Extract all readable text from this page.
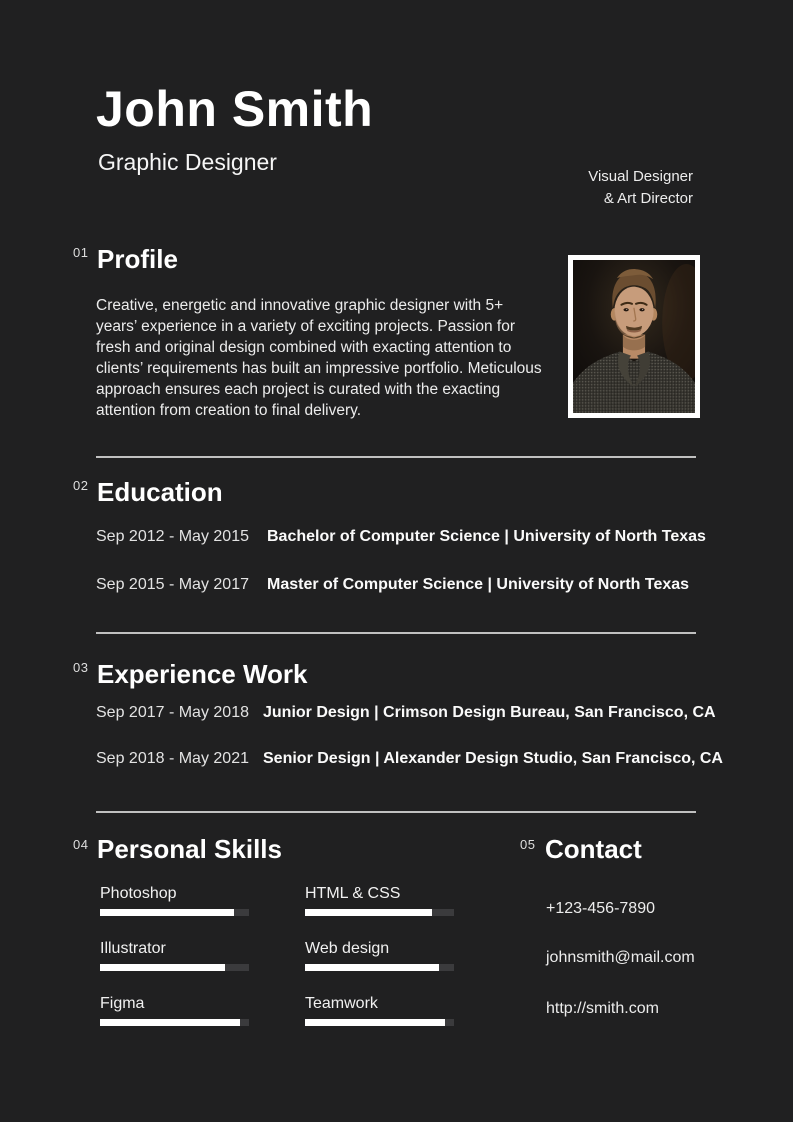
John Smith
Graphic Designer
Visual Designer
& Art Director
01 Profile
Creative, energetic and innovative graphic designer with 5+ years’ experience in a variety of exciting projects. Passion for fresh and original design combined with exacting attention to clients’ requirements has built an impressive portfolio. Meticulous approach ensures each project is curated with the exacting attention from creation to final delivery.
02 Education
Sep 2012 - May 2015	Bachelor of Computer Science | University of North Texas
Sep 2015 - May 2017	Master of Computer Science | University of North Texas
03 Experience Work
Sep 2017 - May 2018 Junior Design | Crimson Design Bureau, San Francisco, CA
Sep 2018 - May 2021 Senior Design | Alexander Design Studio, San Francisco, CA
04 Personal Skills
Photoshop	HTML & CSS
Illustrator	Web design
Figma	Teamwork
05 Contact
+123-456-7890
johnsmith@mail.com
http://smith.com
